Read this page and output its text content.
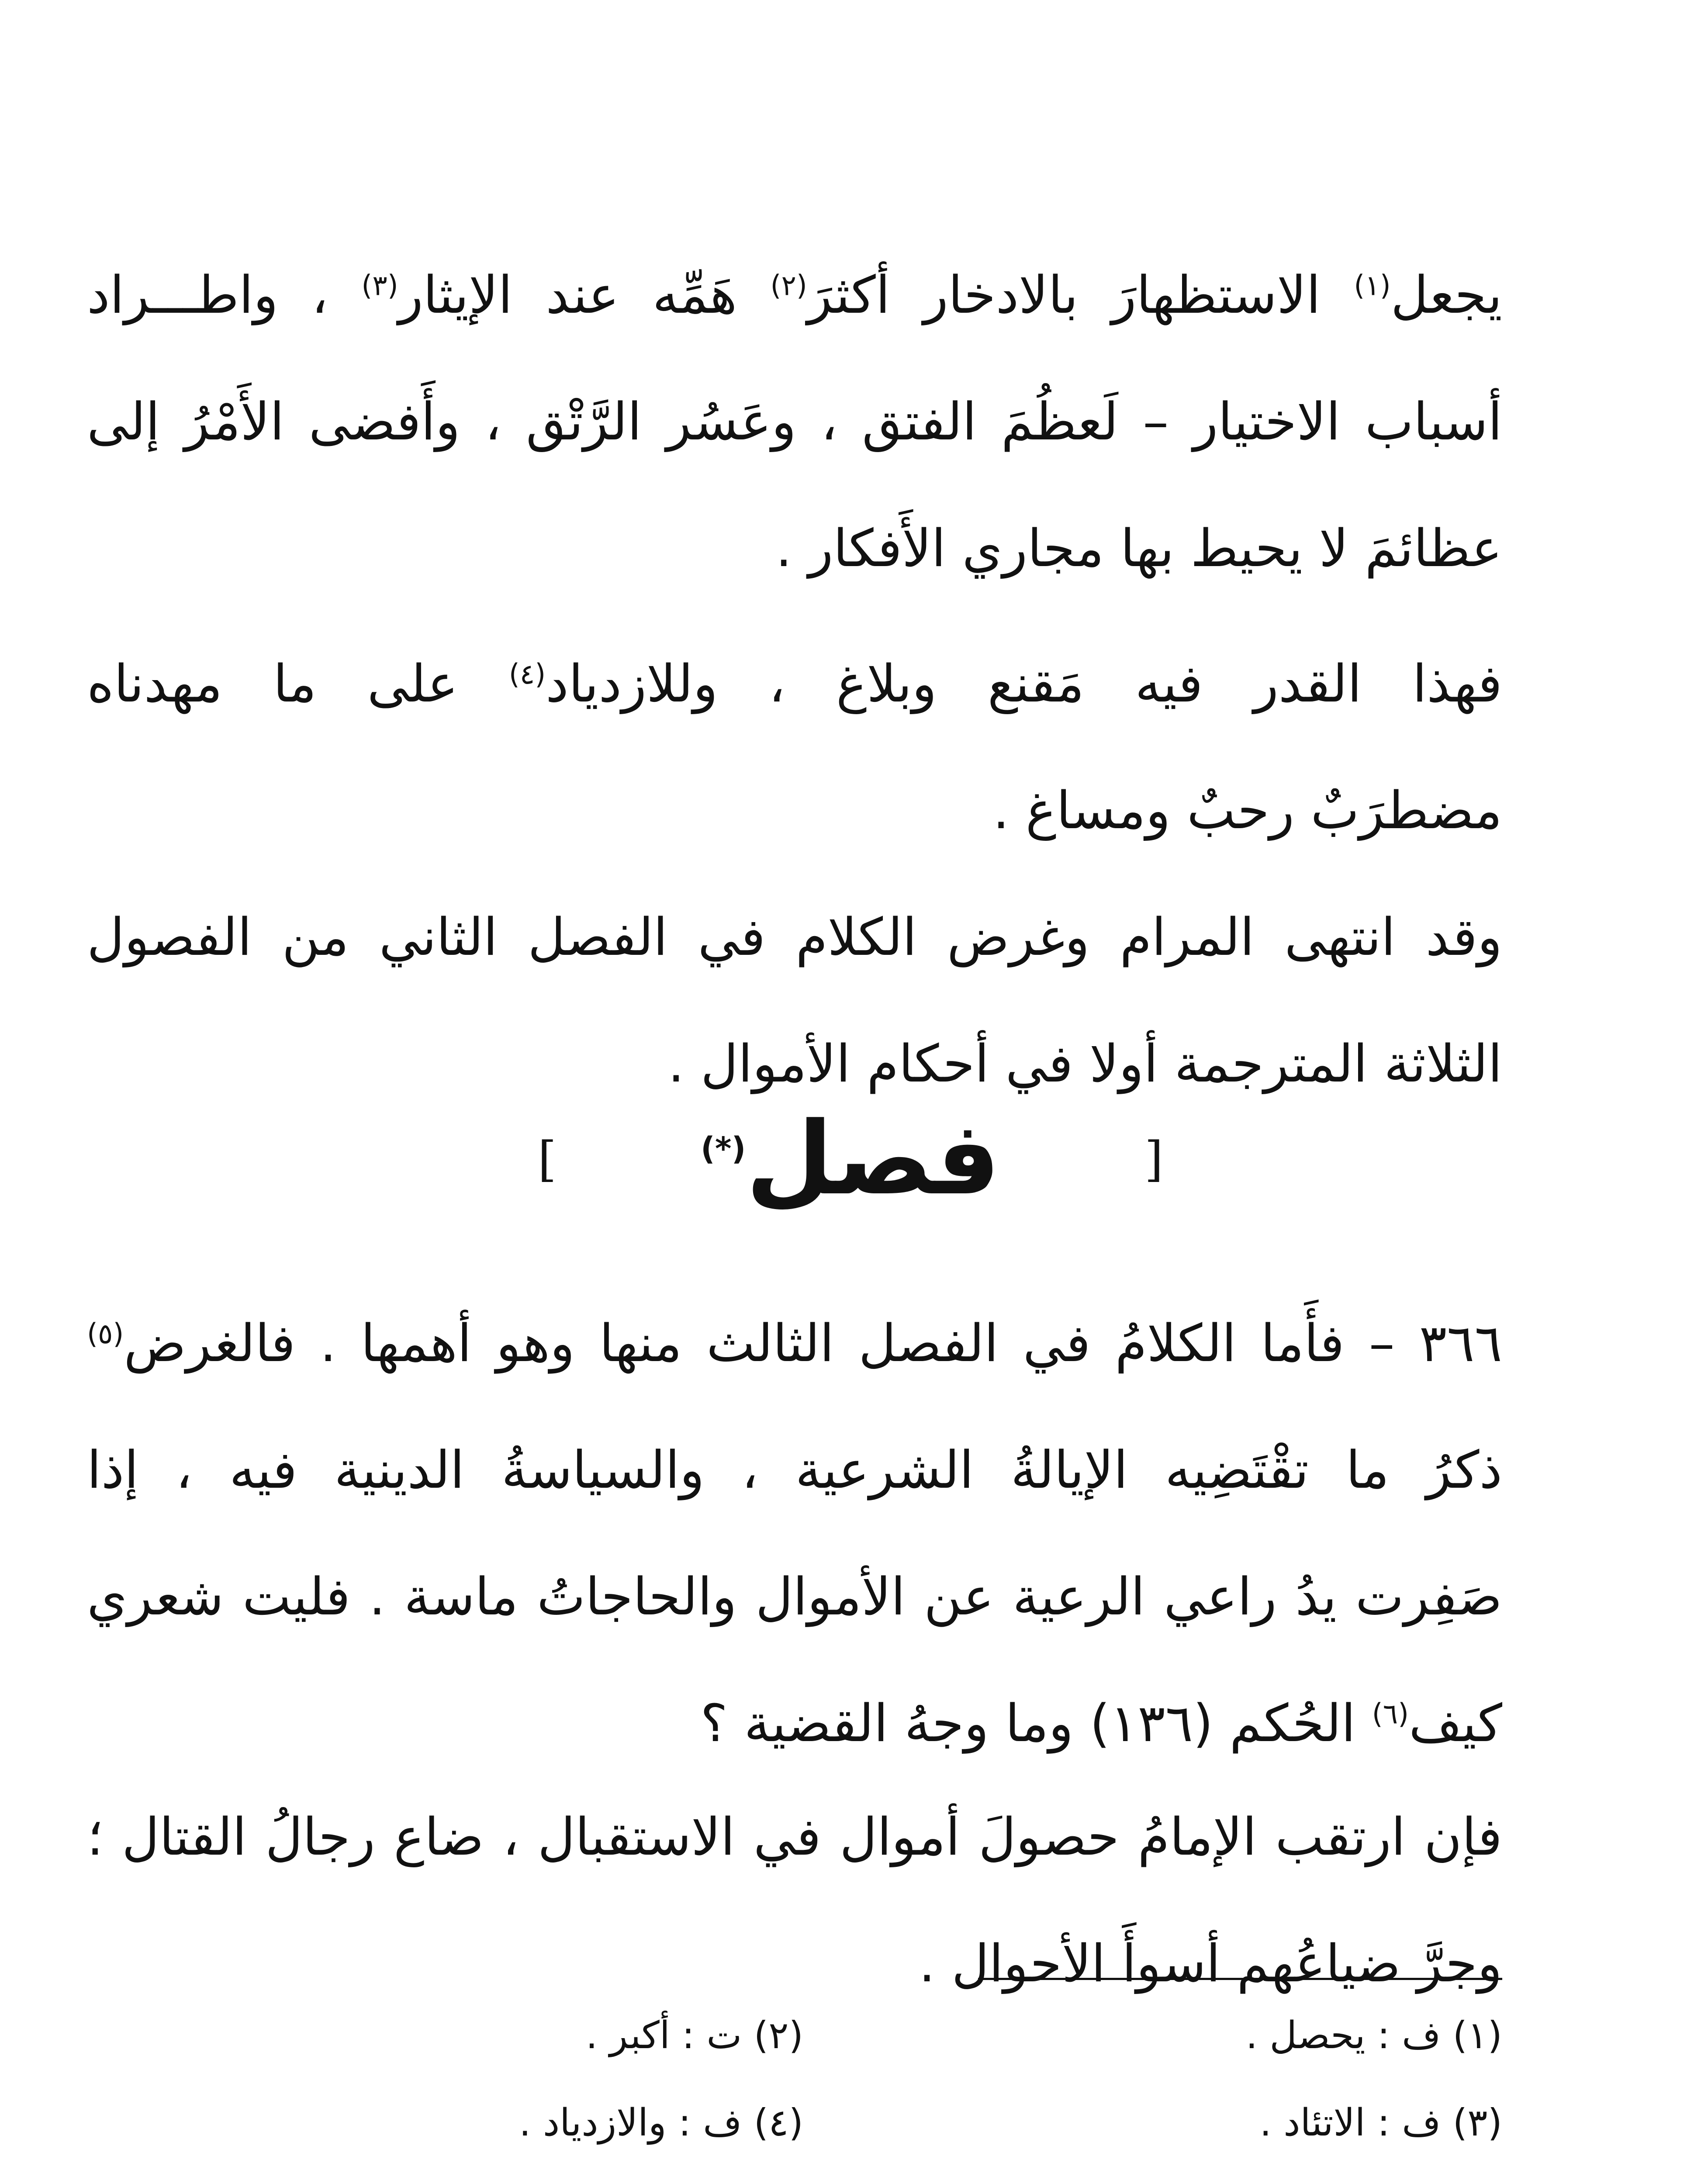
يجعل$^{(١)}$ الاستظهارَ بالادخار أكثرَ$^{(٢)}$ هَمِّه عند الإيثار$^{(٣)}$ ، واطـــراد
أسباب الاختيار – لَعظُمَ الفتق ، وعَسُر الرَّتْق ، وأَفضى الأَمْرُ إلى
عظائمَ لا يحيط بها مجاري الأَفكار .
فهذا القدر فيه مَقنع وبلاغ ، وللازدياد$^{(٤)}$ على ما مهدناه
مضطرَبٌ رحبٌ ومساغ .
وقد انتهى المرام وغرض الكلام في الفصل الثاني من الفصول
الثلاثة المترجمة أولا في أحكام الأموال .
[فصل(*)]
٣٦٦ – فأَما الكلامُ في الفصل الثالث منها وهو أهمها . فالغرض$^{(٥)}$
ذكرُ ما تقْتَضِيه الإيالةُ الشرعية ، والسياسةُ الدينية فيه ، إذا
صَفِرت يدُ راعي الرعية عن الأموال والحاجاتُ ماسة . فليت شعري
كيف$^{(٦)}$ الحُكم (١٣٦) وما وجهُ القضية ؟
فإن ارتقب الإمامُ حصولَ أموال في الاستقبال ، ضاع رجالُ القتال ؛
وجرَّ ضياعُهم أسوأَ الأحوال .
(١) ف : يحصل .(٢) ت : أكبر .
(٣) ف : الاتئاد .(٤) ف : والازدياد .
